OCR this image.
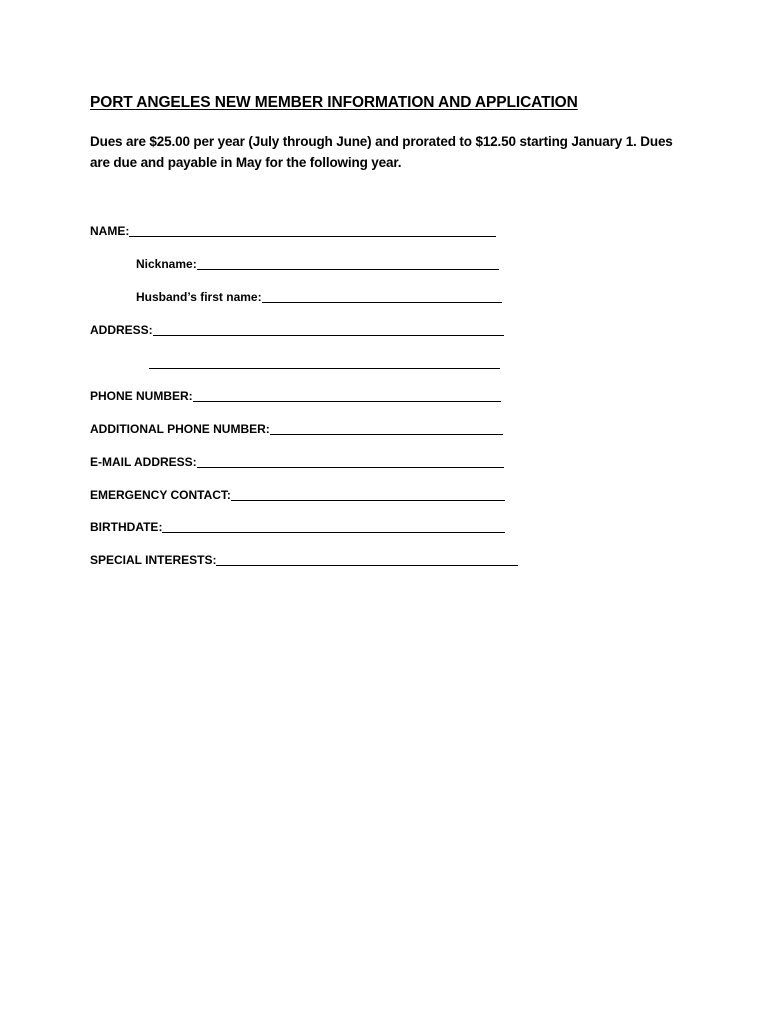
PORT ANGELES NEW MEMBER INFORMATION AND APPLICATION
Dues are $25.00 per year (July through June) and prorated to $12.50 starting January 1. Dues are due and payable in May for the following year.
NAME:
Nickname:
Husband’s first name:
ADDRESS:
PHONE NUMBER:
ADDITIONAL PHONE NUMBER:
E-MAIL ADDRESS:
EMERGENCY CONTACT:
BIRTHDATE:
SPECIAL INTERESTS:
